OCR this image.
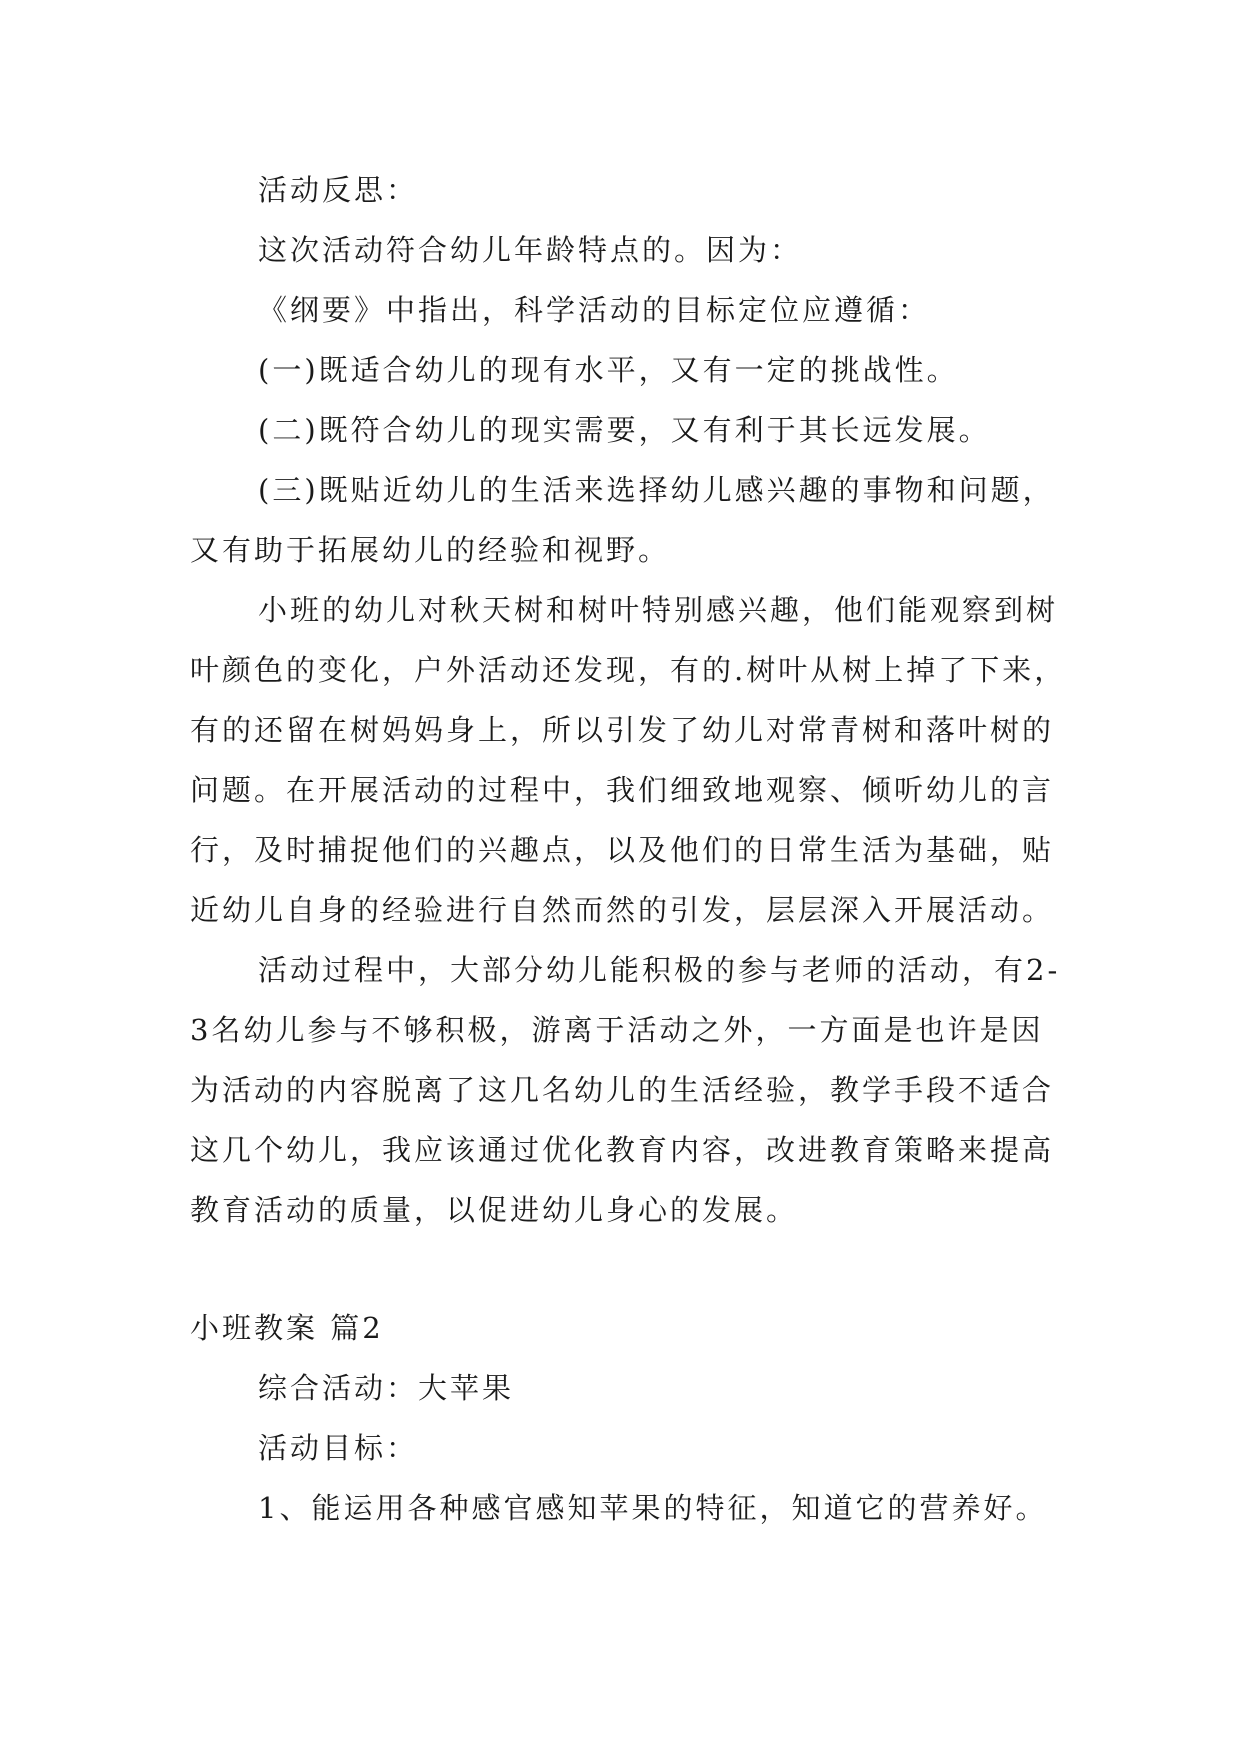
活动反思：

这次活动符合幼儿年龄特点的。因为：

《纲要》中指出，科学活动的目标定位应遵循：

(一)既适合幼儿的现有水平，又有一定的挑战性。

(二)既符合幼儿的现实需要，又有利于其长远发展。

(三)既贴近幼儿的生活来选择幼儿感兴趣的事物和问题，又有助于拓展幼儿的经验和视野。

小班的幼儿对秋天树和树叶特别感兴趣，他们能观察到树叶颜色的变化，户外活动还发现，有的.树叶从树上掉了下来，有的还留在树妈妈身上，所以引发了幼儿对常青树和落叶树的问题。在开展活动的过程中，我们细致地观察、倾听幼儿的言行，及时捕捉他们的兴趣点，以及他们的日常生活为基础，贴近幼儿自身的经验进行自然而然的引发，层层深入开展活动。

活动过程中，大部分幼儿能积极的参与老师的活动，有2-3名幼儿参与不够积极，游离于活动之外，一方面是也许是因为活动的内容脱离了这几名幼儿的生活经验，教学手段不适合这几个幼儿，我应该通过优化教育内容，改进教育策略来提高教育活动的质量，以促进幼儿身心的发展。

小班教案 篇2

综合活动：大苹果

活动目标：

1、能运用各种感官感知苹果的特征，知道它的营养好。
